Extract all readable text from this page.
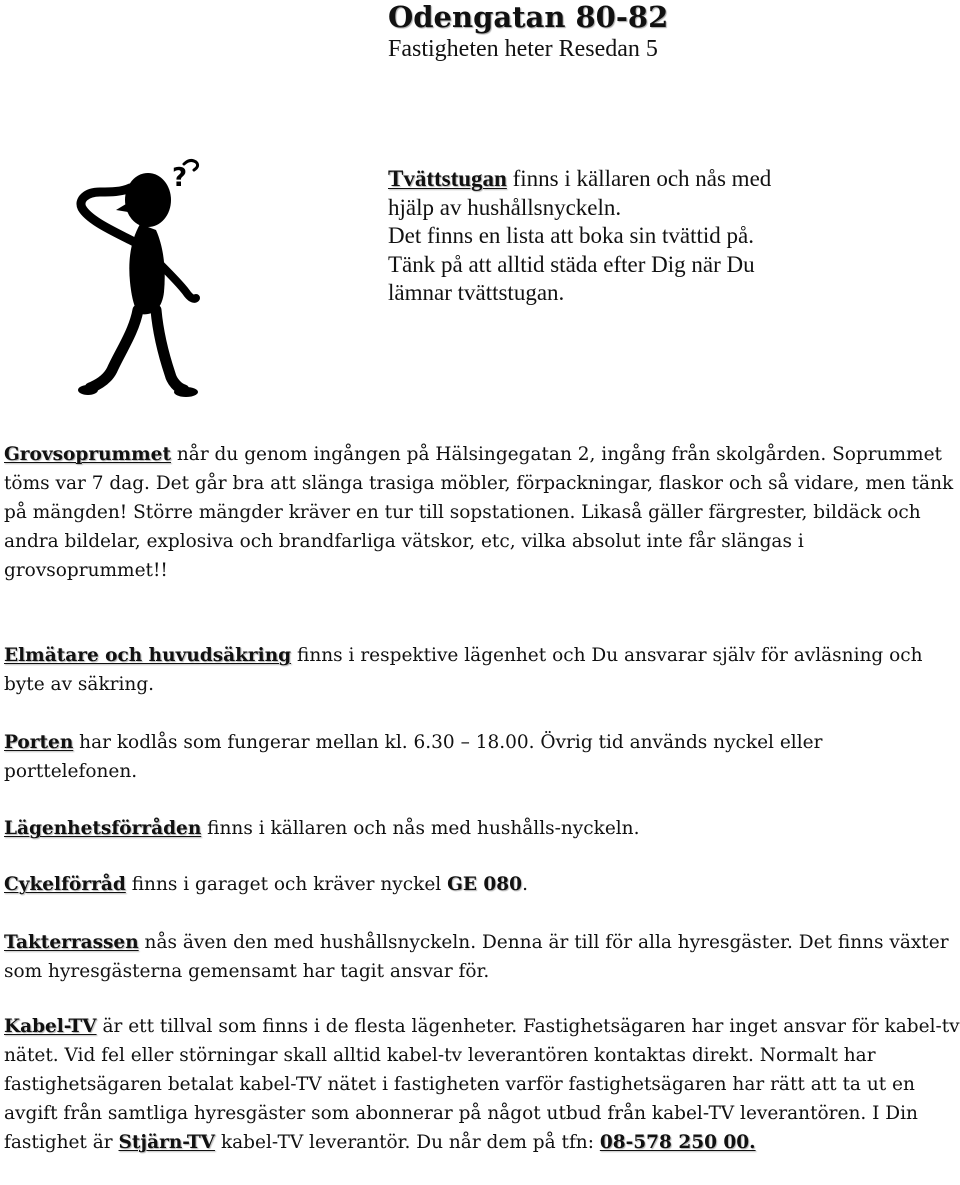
Odengatan 80-82

Fastigheten heter Resedan 5

?	Tvättstugan finns i källaren och nås med
hjälp av hushållsnyckeln.
Det finns en lista att boka sin tvättid på.
Tänk på att alltid städa efter Dig när Du
lämnar tvättstugan.

Grovsoprummet når du genom ingången på Hälsingegatan 2, ingång från skolgården. Soprummet töms var 7 dag. Det går bra att slänga trasiga möbler, förpackningar, flaskor och så vidare, men tänk på mängden! Större mängder kräver en tur till sopstationen. Likaså gäller färgrester, bildäck och andra bildelar, explosiva och brandfarliga vätskor, etc, vilka absolut inte får slängas i grovsoprummet!!

Elmätare och huvudsäkring finns i respektive lägenhet och Du ansvarar själv för avläsning och byte av säkring.

Porten har kodlås som fungerar mellan kl. 6.30 – 18.00. Övrig tid används nyckel eller porttelefonen.

Lägenhetsförråden finns i källaren och nås med hushålls-nyckeln.

Cykelförråd finns i garaget och kräver nyckel GE 080.

Takterrassen nås även den med hushållsnyckeln. Denna är till för alla hyresgäster. Det finns växter som hyresgästerna gemensamt har tagit ansvar för.

Kabel-TV är ett tillval som finns i de flesta lägenheter. Fastighetsägaren har inget ansvar för kabel-tv nätet. Vid fel eller störningar skall alltid kabel-tv leverantören kontaktas direkt. Normalt har fastighetsägaren betalat kabel-TV nätet i fastigheten varför fastighetsägaren har rätt att ta ut en avgift från samtliga hyresgäster som abonnerar på något utbud från kabel-TV leverantören. I Din fastighet är Stjärn-TV kabel-TV leverantör. Du når dem på tfn: 08-578 250 00.
